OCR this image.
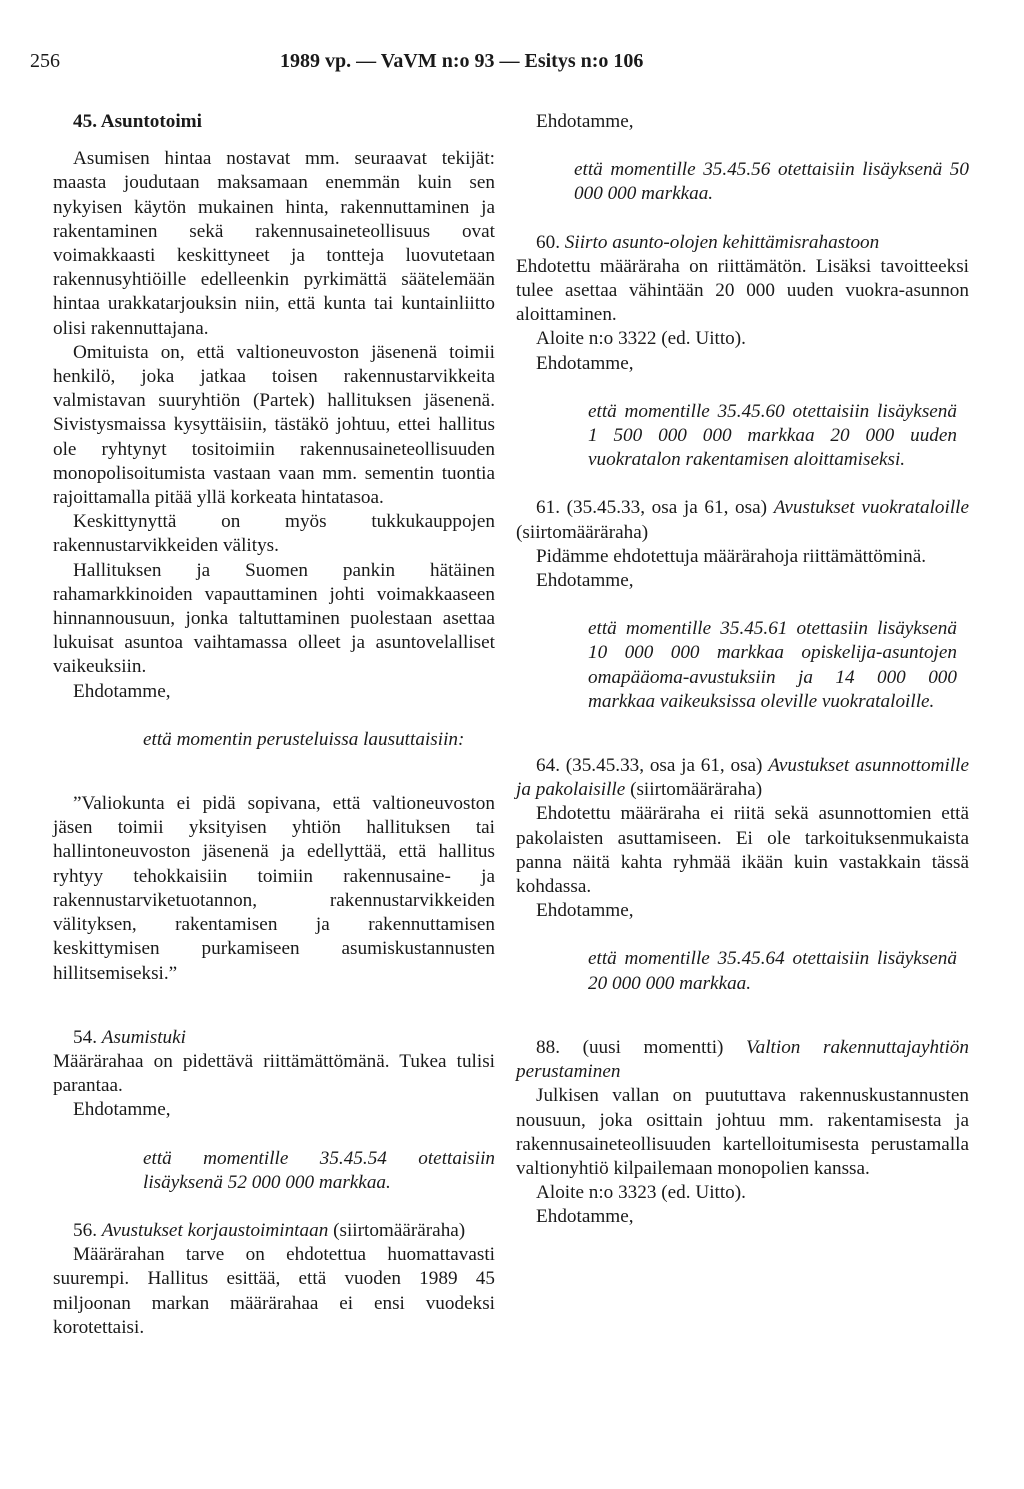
256	1989 vp. — VaVM n:o 93 — Esitys n:o 106

45. Asuntotoimi

Asumisen hintaa nostavat mm. seuraavat tekijät: maasta joudutaan maksamaan enemmän kuin sen nykyisen käytön mukainen hinta, rakennuttaminen ja rakentaminen sekä rakennusaineteollisuus ovat voimakkaasti keskittyneet ja tontteja luovutetaan rakennusyhtiöille edelleenkin pyrkimättä säätelemään hintaa urakkatarjouksin niin, että kunta tai kuntainliitto olisi rakennuttajana.

Omituista on, että valtioneuvoston jäsenenä toimii henkilö, joka jatkaa toisen rakennustarvikkeita valmistavan suuryhtiön (Partek) hallituksen jäsenenä. Sivistysmaissa kysyttäisiin, tästäkö johtuu, ettei hallitus ole ryhtynyt tositoimiin rakennusaineteollisuuden monopolisoitumista vastaan vaan mm. sementin tuontia rajoittamalla pitää yllä korkeata hintatasoa.

Keskittynyttä on myös tukkukauppojen rakennustarvikkeiden välitys.

Hallituksen ja Suomen pankin hätäinen rahamarkkinoiden vapauttaminen johti voimakkaaseen hinnannousuun, jonka taltuttaminen puolestaan asettaa lukuisat asuntoa vaihtamassa olleet ja asuntovelalliset vaikeuksiin.

Ehdotamme,

että momentin perusteluissa lausuttaisiin:

”Valiokunta ei pidä sopivana, että valtioneuvoston jäsen toimii yksityisen yhtiön hallituksen tai hallintoneuvoston jäsenenä ja edellyttää, että hallitus ryhtyy tehokkaisiin toimiin rakennusaine- ja rakennustarviketuotannon, rakennustarvikkeiden välityksen, rakentamisen ja rakennuttamisen keskittymisen purkamiseen asumiskustannusten hillitsemiseksi.”

54. Asumistuki

Määrärahaa on pidettävä riittämättömänä. Tukea tulisi parantaa.

Ehdotamme,

että momentille 35.45.54 otettaisiin lisäyksenä 52 000 000 markkaa.

56. Avustukset korjaustoimintaan (siirtomääräraha)

Määrärahan tarve on ehdotettua huomattavasti suurempi. Hallitus esittää, että vuoden 1989 45 miljoonan markan määrärahaa ei ensi vuodeksi korotettaisi.

Ehdotamme,

että momentille 35.45.56 otettaisiin lisäyksenä 50 000 000 markkaa.

60. Siirto asunto-olojen kehittämisrahastoon

Ehdotettu määräraha on riittämätön. Lisäksi tavoitteeksi tulee asettaa vähintään 20 000 uuden vuokra-asunnon aloittaminen.

Aloite n:o 3322 (ed. Uitto).

Ehdotamme,

että momentille 35.45.60 otettaisiin lisäyksenä 1 500 000 000 markkaa 20 000 uuden vuokratalon rakentamisen aloittamiseksi.

61. (35.45.33, osa ja 61, osa) Avustukset vuokrataloille (siirtomääräraha)

Pidämme ehdotettuja määrärahoja riittämättöminä.

Ehdotamme,

että momentille 35.45.61 otettasiin lisäyksenä 10 000 000 markkaa opiskelija-asuntojen omapääoma-avustuksiin ja 14 000 000 markkaa vaikeuksissa oleville vuokrataloille.

64. (35.45.33, osa ja 61, osa) Avustukset asunnottomille ja pakolaisille (siirtomääräraha)

Ehdotettu määräraha ei riitä sekä asunnottomien että pakolaisten asuttamiseen. Ei ole tarkoituksenmukaista panna näitä kahta ryhmää ikään kuin vastakkain tässä kohdassa.

Ehdotamme,

että momentille 35.45.64 otettaisiin lisäyksenä 20 000 000 markkaa.

88. (uusi momentti) Valtion rakennuttajayhtiön perustaminen

Julkisen vallan on puututtava rakennuskustannusten nousuun, joka osittain johtuu mm. rakentamisesta ja rakennusaineteollisuuden kartelloitumisesta perustamalla valtionyhtiö kilpailemaan monopolien kanssa.

Aloite n:o 3323 (ed. Uitto).

Ehdotamme,
